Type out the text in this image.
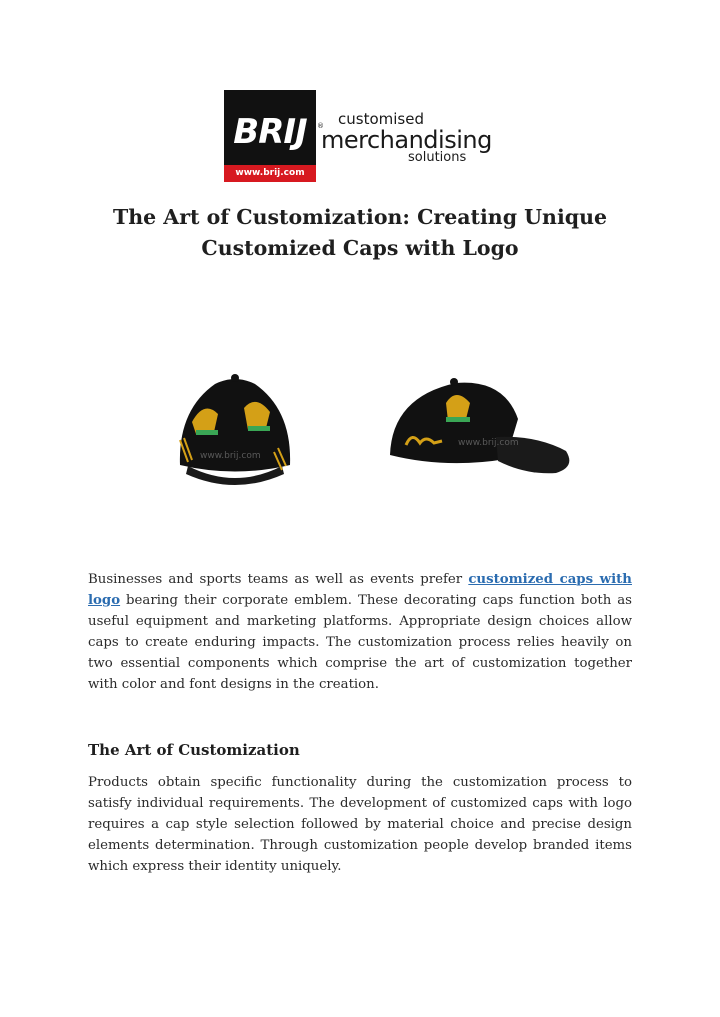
BRIJ
www.brij.com
® customised
merchandising
solutions
The Art of Customization: Creating Unique Customized Caps with Logo
www.brij.com
www.brij.com

Businesses and sports teams as well as events prefer customized caps with logo bearing their corporate emblem. These decorating caps function both as useful equipment and marketing platforms. Appropriate design choices allow caps to create enduring impacts. The customization process relies heavily on two essential components which comprise the art of customization together with color and font designs in the creation.

The Art of Customization

Products obtain specific functionality during the customization process to satisfy individual requirements. The development of customized caps with logo requires a cap style selection followed by material choice and precise design elements determination. Through customization people develop branded items which express their identity uniquely.
